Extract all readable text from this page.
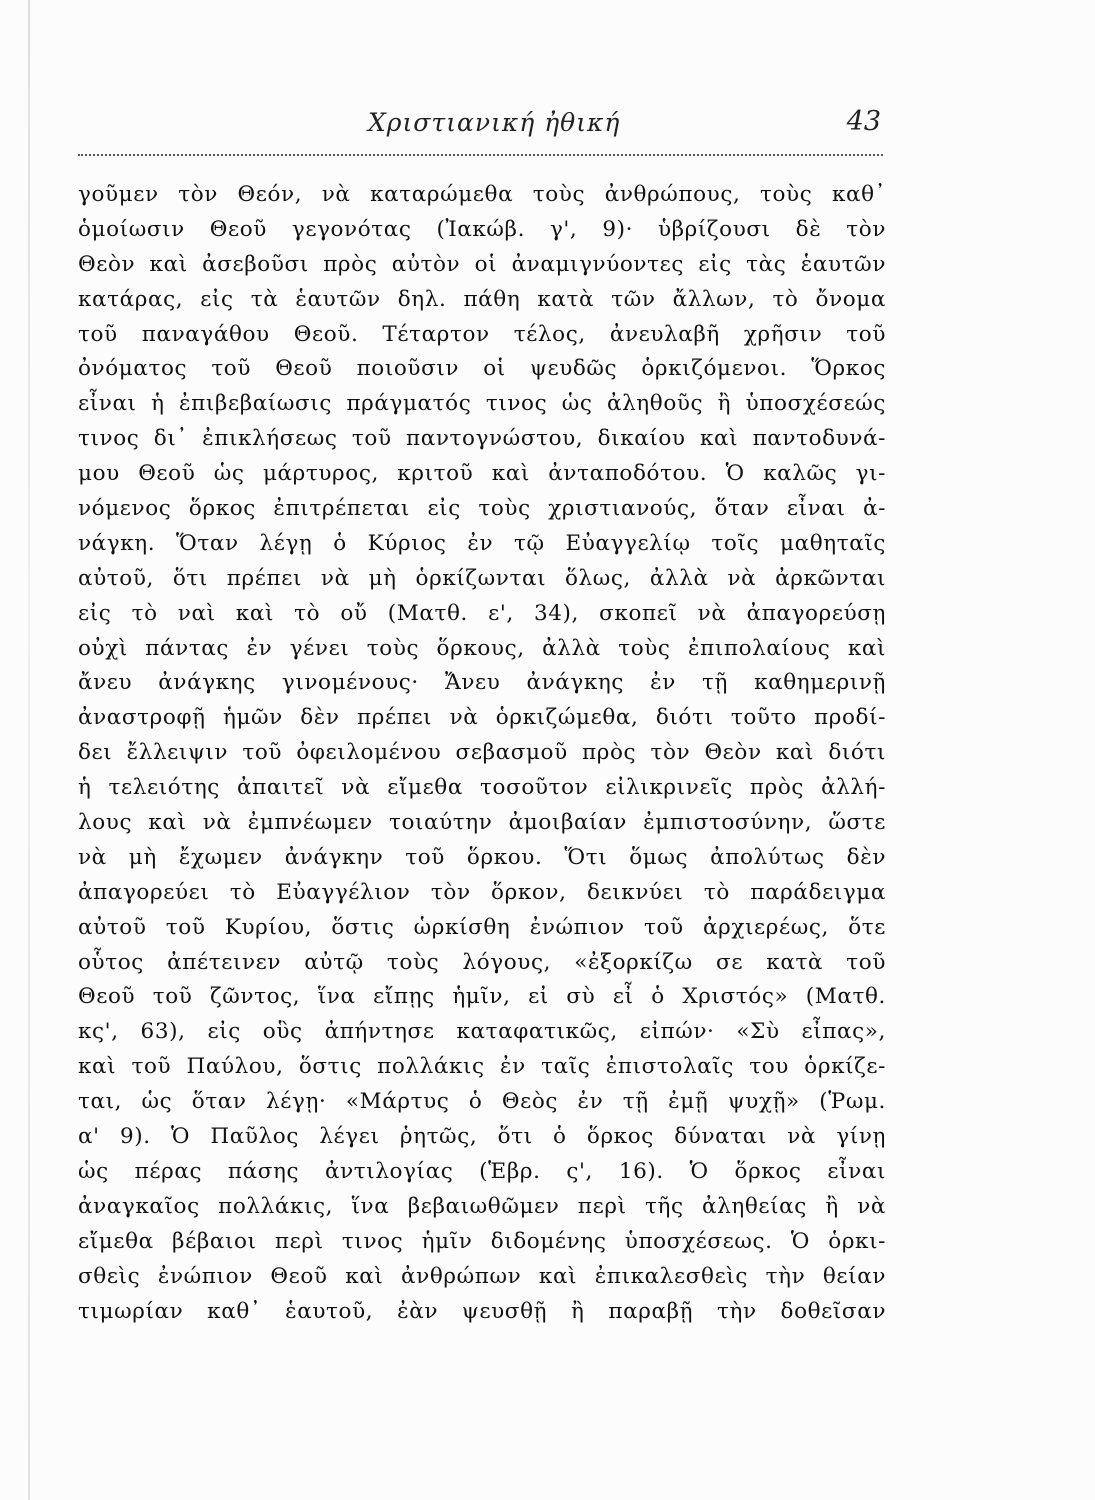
Χριστιανική ἠθική	43
γοῦμεν τὸν Θεόν, νὰ καταρώμεθα τοὺς ἀνθρώπους, τοὺς καθ᾽
ὁμοίωσιν Θεοῦ γεγονότας (Ἰακώβ. γ', 9)· ὑβρίζουσι δὲ τὸν
Θεὸν καὶ ἀσεβοῦσι πρὸς αὐτὸν οἱ ἀναμιγνύοντες εἰς τὰς ἑαυτῶν
κατάρας, εἰς τὰ ἑαυτῶν δηλ. πάθη κατὰ τῶν ἄλλων, τὸ ὄνομα
τοῦ παναγάθου Θεοῦ. Τέταρτον τέλος, ἀνευλαβῆ χρῆσιν τοῦ
ὀνόματος τοῦ Θεοῦ ποιοῦσιν οἱ ψευδῶς ὁρκιζόμενοι. Ὅρκος
εἶναι ἡ ἐπιβεβαίωσις πράγματός τινος ὡς ἀληθοῦς ἢ ὑποσχέσεώς
τινος δι᾽ ἐπικλήσεως τοῦ παντογνώστου, δικαίου καὶ παντοδυνά-
μου Θεοῦ ὡς μάρτυρος, κριτοῦ καὶ ἀνταποδότου. Ὁ καλῶς γι-
νόμενος ὅρκος ἐπιτρέπεται εἰς τοὺς χριστιανούς, ὅταν εἶναι ἀ-
νάγκη. Ὅταν λέγῃ ὁ Κύριος ἐν τῷ Εὐαγγελίῳ τοῖς μαθηταῖς
αὐτοῦ, ὅτι πρέπει νὰ μὴ ὁρκίζωνται ὅλως, ἀλλὰ νὰ ἀρκῶνται
εἰς τὸ ναὶ καὶ τὸ οὔ (Ματθ. ε', 34), σκοπεῖ νὰ ἀπαγορεύσῃ
οὐχὶ πάντας ἐν γένει τοὺς ὅρκους, ἀλλὰ τοὺς ἐπιπολαίους καὶ
ἄνευ ἀνάγκης γινομένους· Ἄνευ ἀνάγκης ἐν τῇ καθημερινῇ
ἀναστροφῇ ἡμῶν δὲν πρέπει νὰ ὁρκιζώμεθα, διότι τοῦτο προδί-
δει ἔλλειψιν τοῦ ὀφειλομένου σεβασμοῦ πρὸς τὸν Θεὸν καὶ διότι
ἡ τελειότης ἀπαιτεῖ νὰ εἴμεθα τοσοῦτον εἰλικρινεῖς πρὸς ἀλλή-
λους καὶ νὰ ἐμπνέωμεν τοιαύτην ἀμοιβαίαν ἐμπιστοσύνην, ὥστε
νὰ μὴ ἔχωμεν ἀνάγκην τοῦ ὅρκου. Ὅτι ὅμως ἀπολύτως δὲν
ἀπαγορεύει τὸ Εὐαγγέλιον τὸν ὅρκον, δεικνύει τὸ παράδειγμα
αὐτοῦ τοῦ Κυρίου, ὅστις ὡρκίσθη ἐνώπιον τοῦ ἀρχιερέως, ὅτε
οὗτος ἀπέτεινεν αὐτῷ τοὺς λόγους, «ἐξορκίζω σε κατὰ τοῦ
Θεοῦ τοῦ ζῶντος, ἵνα εἴπῃς ἡμῖν, εἰ σὺ εἶ ὁ Χριστός» (Ματθ.
κς', 63), εἰς οὓς ἀπήντησε καταφατικῶς, εἰπών· «Σὺ εἶπας»,
καὶ τοῦ Παύλου, ὅστις πολλάκις ἐν ταῖς ἐπιστολαῖς του ὁρκίζε-
ται, ὡς ὅταν λέγῃ· «Μάρτυς ὁ Θεὸς ἐν τῇ ἐμῇ ψυχῇ» (Ῥωμ.
α' 9). Ὁ Παῦλος λέγει ῥητῶς, ὅτι ὁ ὅρκος δύναται νὰ γίνῃ
ὡς πέρας πάσης ἀντιλογίας (Ἑβρ. ς', 16). Ὁ ὅρκος εἶναι
ἀναγκαῖος πολλάκις, ἵνα βεβαιωθῶμεν περὶ τῆς ἀληθείας ἢ νὰ
εἴμεθα βέβαιοι περὶ τινος ἡμῖν διδομένης ὑποσχέσεως. Ὁ ὁρκι-
σθεὶς ἐνώπιον Θεοῦ καὶ ἀνθρώπων καὶ ἐπικαλεσθεὶς τὴν θείαν
τιμωρίαν καθ᾽ ἑαυτοῦ, ἐὰν ψευσθῇ ἢ παραβῇ τὴν δοθεῖσαν
